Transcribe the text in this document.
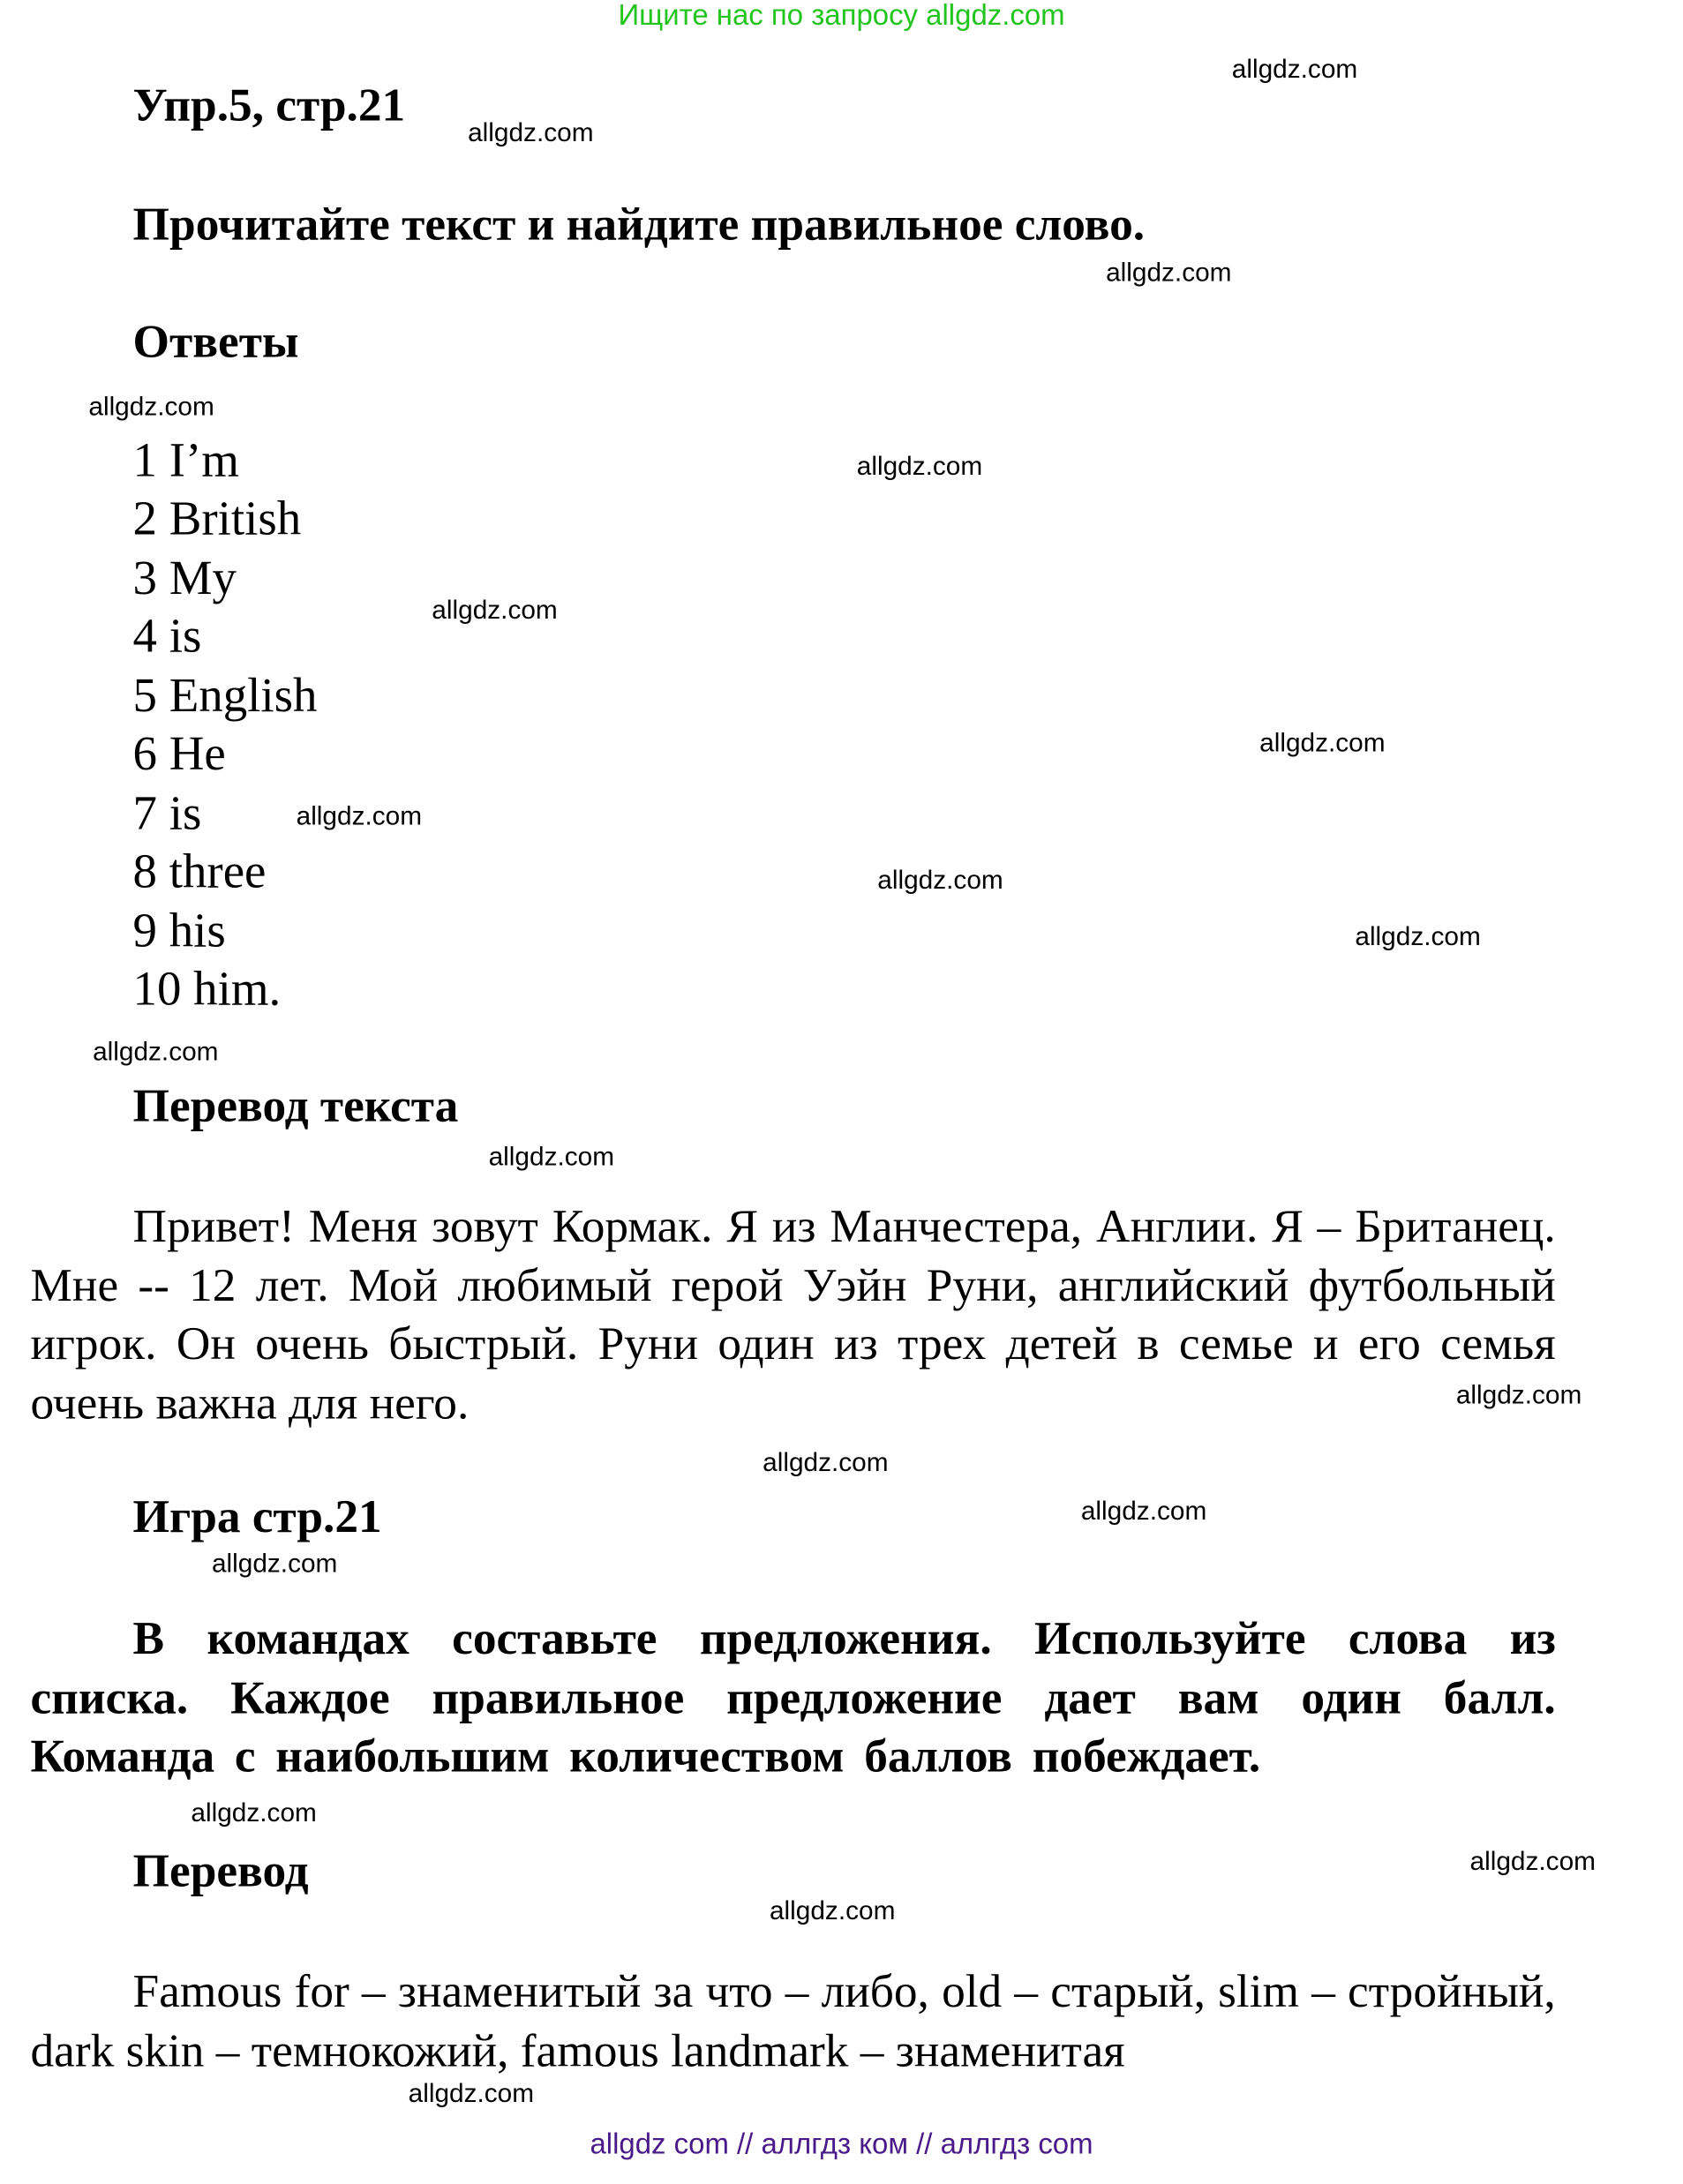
Ищите нас по запросу allgdz.com
Упр.5, стр.21
Прочитайте текст и найдите правильное слово.
Ответы
1 I’m
2 British
3 My
4 is
5 English
6 He
7 is
8 three
9 his
10 him.
Перевод текста
Привет! Меня зовут Кормак. Я из Манчестера, Англии. Я – Британец. Мне -- 12 лет. Мой любимый герой Уэйн Руни, английский футбольный игрок. Он очень быстрый. Руни один из трех детей в семье и его семья очень важна для него.
Игра стр.21
В командах составьте предложения. Используйте слова из списка. Каждое правильное предложение дает вам один балл. Команда с наибольшим количеством баллов побеждает.
Перевод
Famous for – знаменитый за что – либо, old – старый, slim – стройный, dark skin – темнокожий, famous landmark – знаменитая
allgdz.com
allgdz.com
allgdz.com
allgdz.com
allgdz.com
allgdz.com
allgdz.com
allgdz.com
allgdz.com
allgdz.com
allgdz.com
allgdz.com
allgdz.com
allgdz.com
allgdz.com
allgdz.com
allgdz.com
allgdz.com
allgdz.com
allgdz.com
allgdz com // аллгдз ком // аллгдз com
